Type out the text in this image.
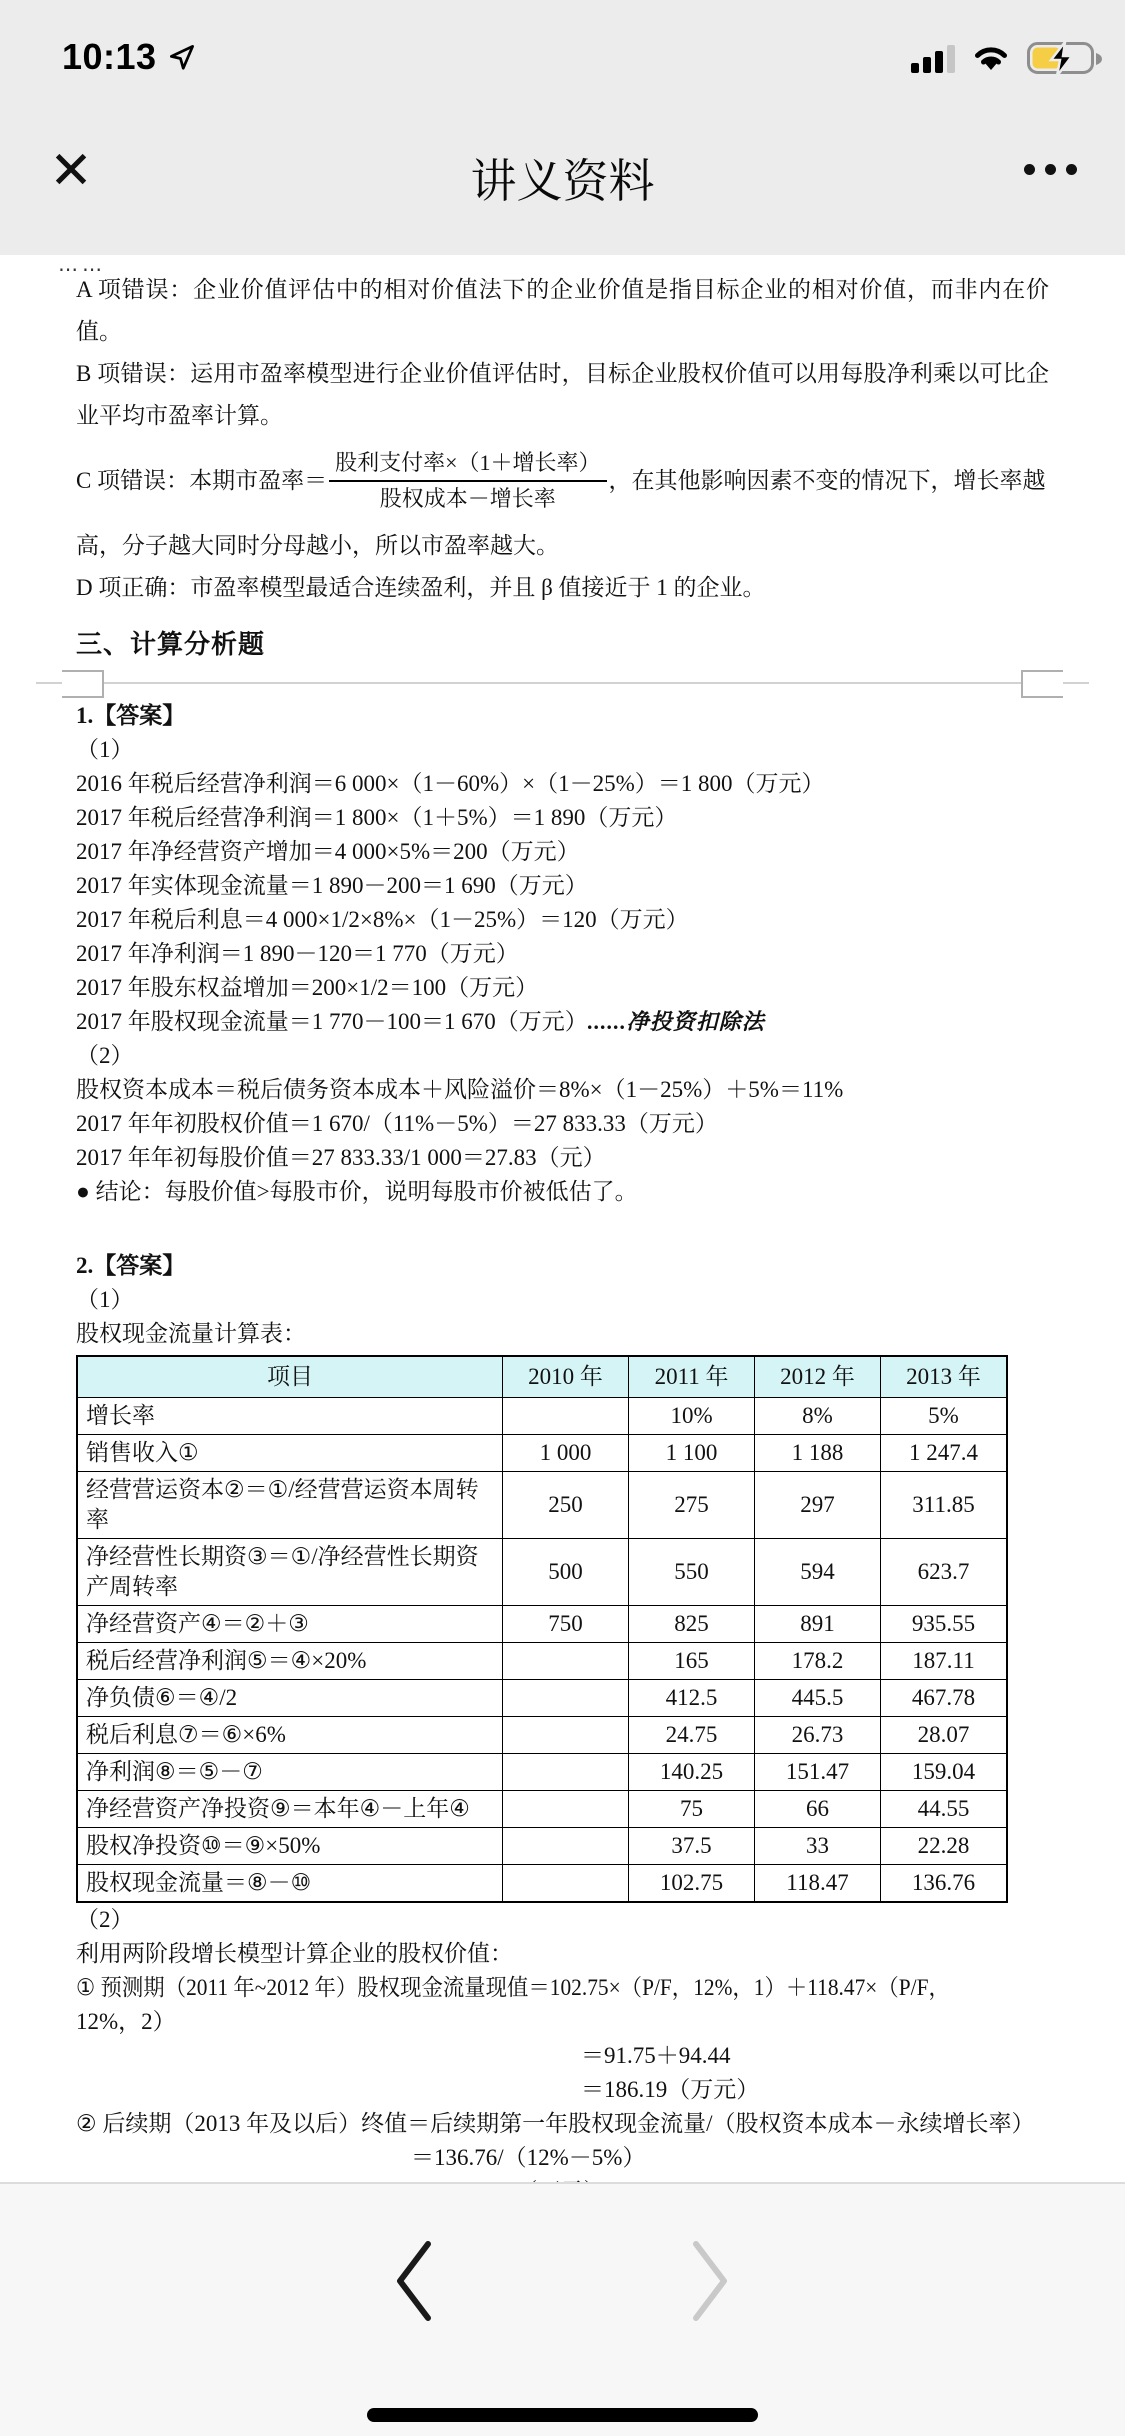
10:13
✕	讲义资料
⋯⋯
A 项错误：企业价值评估中的相对价值法下的企业价值是指目标企业的相对价值，而非内在价值。
B 项错误：运用市盈率模型进行企业价值评估时，目标企业股权价值可以用每股净利乘以可比企业平均市盈率计算。
C 项错误：本期市盈率＝ $\frac{\text{股利支付率×（1＋增长率）}}{\text{股权成本－增长率}}$ ，在其他影响因素不变的情况下，增长率越
高，分子越大同时分母越小，所以市盈率越大。
D 项正确：市盈率模型最适合连续盈利，并且 β 值接近于 1 的企业。
三、计算分析题
1.【答案】
（1）
2016 年税后经营净利润＝6 000×（1－60%）×（1－25%）＝1 800（万元）
2017 年税后经营净利润＝1 800×（1＋5%）＝1 890（万元）
2017 年净经营资产增加＝4 000×5%＝200（万元）
2017 年实体现金流量＝1 890－200＝1 690（万元）
2017 年税后利息＝4 000×1/2×8%×（1－25%）＝120（万元）
2017 年净利润＝1 890－120＝1 770（万元）
2017 年股东权益增加＝200×1/2＝100（万元）
2017 年股权现金流量＝1 770－100＝1 670（万元）......净投资扣除法
（2）
股权资本成本＝税后债务资本成本＋风险溢价＝8%×（1－25%）＋5%＝11%
2017 年年初股权价值＝1 670/（11%－5%）＝27 833.33（万元）
2017 年年初每股价值＝27 833.33/1 000＝27.83（元）
● 结论：每股价值>每股市价，说明每股市价被低估了。
2.【答案】
（1）
股权现金流量计算表：
项目	2010 年	2011 年	2012 年	2013 年
增长率		10%	8%	5%
销售收入①	1 000	1 100	1 188	1 247.4
经营营运资本②＝①/经营营运资本周转率	250	275	297	311.85
净经营性长期资③＝①/净经营性长期资产周转率	500	550	594	623.7
净经营资产④＝②＋③	750	825	891	935.55
税后经营净利润⑤＝④×20%		165	178.2	187.11
净负债⑥＝④/2		412.5	445.5	467.78
税后利息⑦＝⑥×6%		24.75	26.73	28.07
净利润⑧＝⑤－⑦		140.25	151.47	159.04
净经营资产净投资⑨＝本年④－上年④		75	66	44.55
股权净投资⑩＝⑨×50%		37.5	33	22.28
股权现金流量＝⑧－⑩		102.75	118.47	136.76
（2）
利用两阶段增长模型计算企业的股权价值：
① 预测期（2011 年~2012 年）股权现金流量现值＝102.75×（P/F，12%，1）＋118.47×（P/F，
12%，2）
＝91.75＋94.44
＝186.19（万元）
② 后续期（2013 年及以后）终值＝后续期第一年股权现金流量/（股权资本成本－永续增长率）
＝136.76/（12%－5%）
